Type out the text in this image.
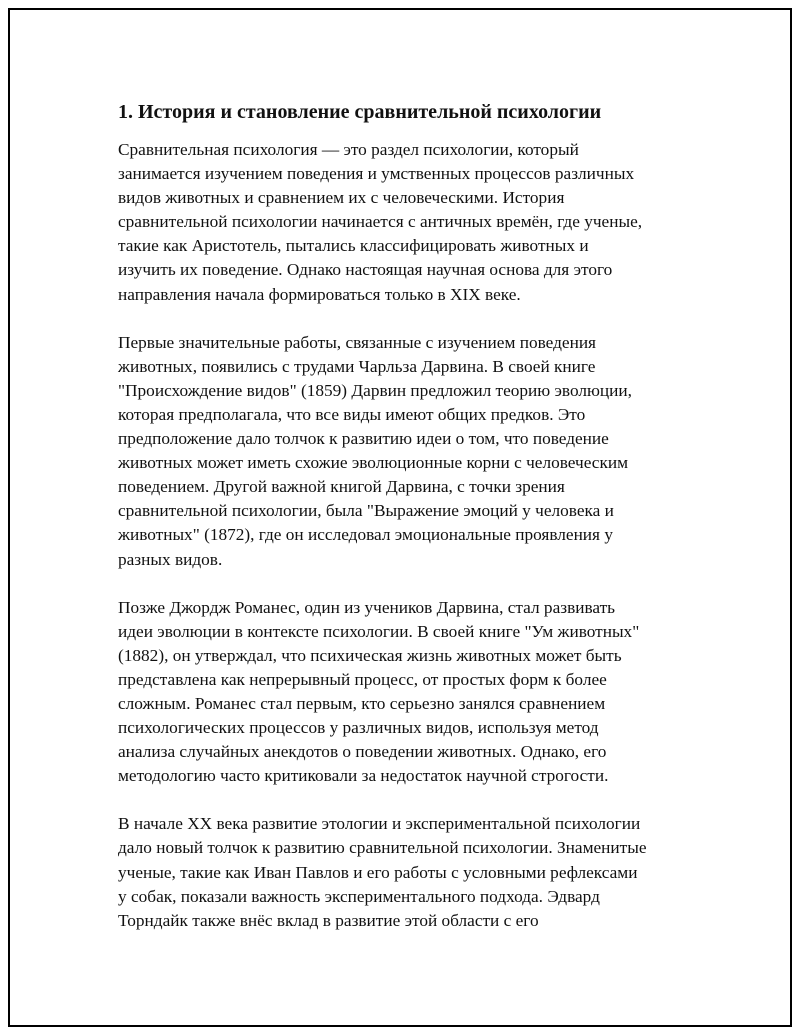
1. История и становление сравнительной психологии

Сравнительная психология — это раздел психологии, который
занимается изучением поведения и умственных процессов различных
видов животных и сравнением их с человеческими. История
сравнительной психологии начинается с античных времён, где ученые,
такие как Аристотель, пытались классифицировать животных и
изучить их поведение. Однако настоящая научная основа для этого
направления начала формироваться только в XIX веке.

Первые значительные работы, связанные с изучением поведения
животных, появились с трудами Чарльза Дарвина. В своей книге
"Происхождение видов" (1859) Дарвин предложил теорию эволюции,
которая предполагала, что все виды имеют общих предков. Это
предположение дало толчок к развитию идеи о том, что поведение
животных может иметь схожие эволюционные корни с человеческим
поведением. Другой важной книгой Дарвина, с точки зрения
сравнительной психологии, была "Выражение эмоций у человека и
животных" (1872), где он исследовал эмоциональные проявления у
разных видов.

Позже Джордж Романес, один из учеников Дарвина, стал развивать
идеи эволюции в контексте психологии. В своей книге "Ум животных"
(1882), он утверждал, что психическая жизнь животных может быть
представлена как непрерывный процесс, от простых форм к более
сложным. Романес стал первым, кто серьезно занялся сравнением
психологических процессов у различных видов, используя метод
анализа случайных анекдотов о поведении животных. Однако, его
методологию часто критиковали за недостаток научной строгости.

В начале XX века развитие этологии и экспериментальной психологии
дало новый толчок к развитию сравнительной психологии. Знаменитые
ученые, такие как Иван Павлов и его работы с условными рефлексами
у собак, показали важность экспериментального подхода. Эдвард
Торндайк также внёс вклад в развитие этой области с его
